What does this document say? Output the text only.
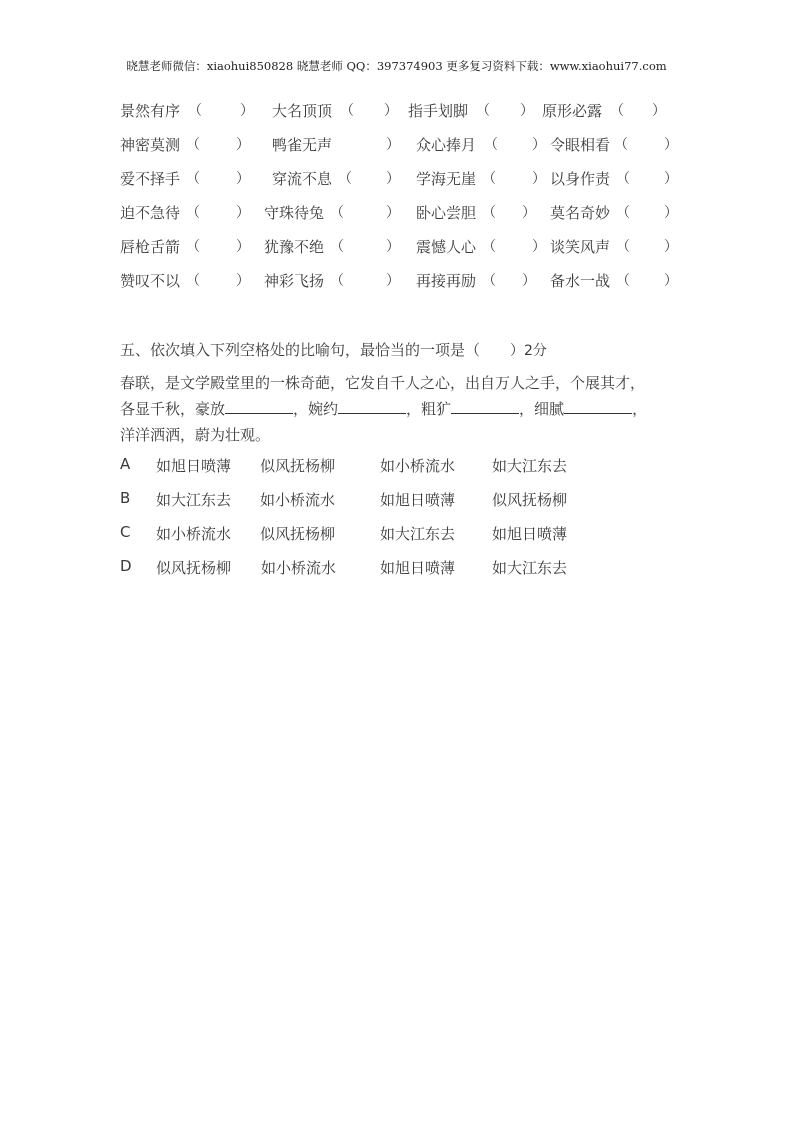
晓慧老师微信：xiaohui850828 晓慧老师 QQ：397374903 更多复习资料下载：www.xiaohui77.com
景然有序 （	） 大名顶顶 （ ） 指手划脚 （ ） 原形必露 （ ）
神密莫测 （	） 鸭雀无声	） 众心捧月 （ ） 令眼相看 （	）
爱不择手 （	） 穿流不息 （ ） 学海无崖 （	） 以身作责 （ ）
迫不急待 （	） 守珠待兔 （	） 卧心尝胆 （ ） 莫名奇妙 （ ）
唇枪舌箭 （	） 犹豫不绝 （	） 震憾人心 （	） 谈笑风声 （ ）
赞叹不以 （	） 神彩飞扬 （	） 再接再励 （ ） 备水一战 （ ）
五、依次填入下列空格处的比喻句，最恰当的一项是（ ）2分
春联，是文学殿堂里的一株奇葩，它发自千人之心，出自万人之手，个展其才，
各显千秋，豪放	，婉约	，粗犷	，细腻	，
洋洋洒洒，蔚为壮观。
A 如旭日喷薄 似风抚杨柳	如小桥流水 如大江东去
B 如大江东去 如小桥流水	如旭日喷薄 似风抚杨柳
C 如小桥流水 似风抚杨柳	如大江东去 如旭日喷薄
D 似风抚杨柳 如小桥流水	如旭日喷薄 如大江东去
